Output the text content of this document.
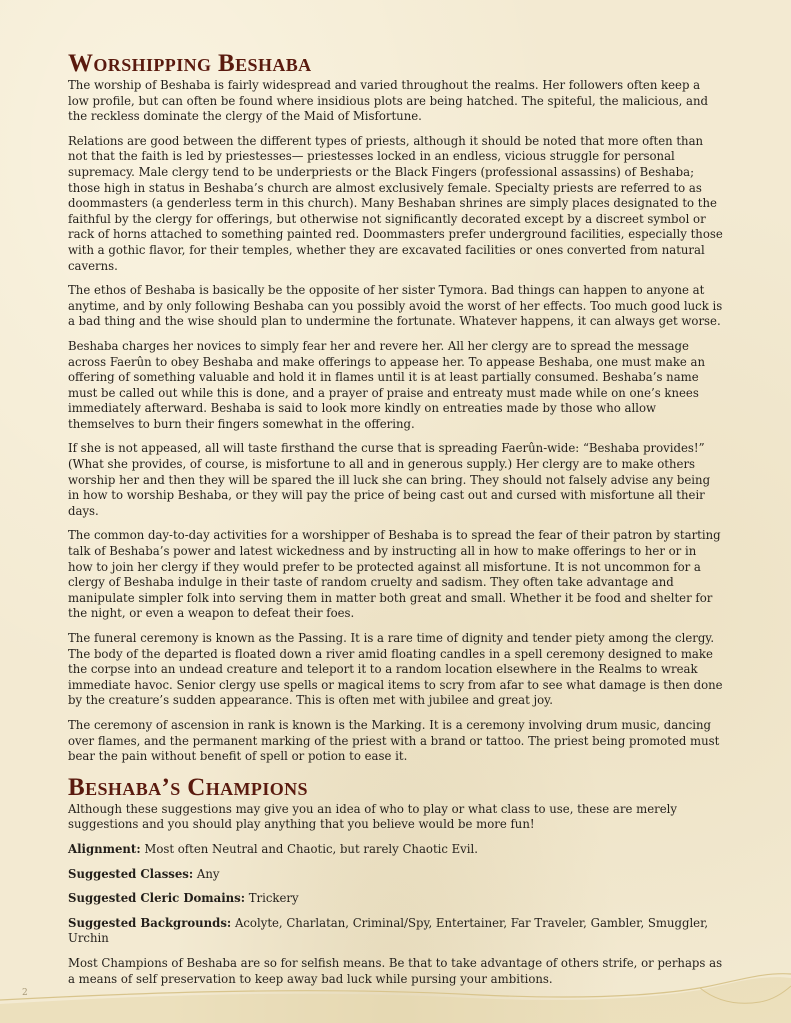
Worshipping Beshaba

The worship of Beshaba is fairly widespread and varied throughout the realms. Her followers often keep a low profile, but can often be found where insidious plots are being hatched. The spiteful, the malicious, and the reckless dominate the clergy of the Maid of Misfortune.

Relations are good between the different types of priests, although it should be noted that more often than not that the faith is led by priestesses— priestesses locked in an endless, vicious struggle for personal supremacy. Male clergy tend to be underpriests or the Black Fingers (professional assassins) of Beshaba; those high in status in Beshaba’s church are almost exclusively female. Specialty priests are referred to as doommasters (a genderless term in this church). Many Beshaban shrines are simply places designated to the faithful by the clergy for offerings, but otherwise not significantly decorated except by a discreet symbol or rack of horns attached to something painted red. Doommasters prefer underground facilities, especially those with a gothic flavor, for their temples, whether they are excavated facilities or ones converted from natural caverns.

The ethos of Beshaba is basically be the opposite of her sister Tymora. Bad things can happen to anyone at anytime, and by only following Beshaba can you possibly avoid the worst of her effects. Too much good luck is a bad thing and the wise should plan to undermine the fortunate. Whatever happens, it can always get worse.

Beshaba charges her novices to simply fear her and revere her. All her clergy are to spread the message across Faerûn to obey Beshaba and make offerings to appease her. To appease Beshaba, one must make an offering of something valuable and hold it in flames until it is at least partially consumed. Beshaba’s name must be called out while this is done, and a prayer of praise and entreaty must made while on one’s knees immediately afterward. Beshaba is said to look more kindly on entreaties made by those who allow themselves to burn their fingers somewhat in the offering.

If she is not appeased, all will taste firsthand the curse that is spreading Faerûn-wide: “Beshaba provides!” (What she provides, of course, is misfortune to all and in generous supply.) Her clergy are to make others worship her and then they will be spared the ill luck she can bring. They should not falsely advise any being in how to worship Beshaba, or they will pay the price of being cast out and cursed with misfortune all their days.

The common day-to-day activities for a worshipper of Beshaba is to spread the fear of their patron by starting talk of Beshaba’s power and latest wickedness and by instructing all in how to make offerings to her or in how to join her clergy if they would prefer to be protected against all misfortune. It is not uncommon for a clergy of Beshaba indulge in their taste of random cruelty and sadism. They often take advantage and manipulate simpler folk into serving them in matter both great and small. Whether it be food and shelter for the night, or even a weapon to defeat their foes.

The funeral ceremony is known as the Passing. It is a rare time of dignity and tender piety among the clergy. The body of the departed is floated down a river amid floating candles in a spell ceremony designed to make the corpse into an undead creature and teleport it to a random location elsewhere in the Realms to wreak immediate havoc. Senior clergy use spells or magical items to scry from afar to see what damage is then done by the creature’s sudden appearance. This is often met with jubilee and great joy.

The ceremony of ascension in rank is known is the Marking. It is a ceremony involving drum music, dancing over flames, and the permanent marking of the priest with a brand or tattoo. The priest being promoted must bear the pain without benefit of spell or potion to ease it.

Beshaba’s Champions

Although these suggestions may give you an idea of who to play or what class to use, these are merely suggestions and you should play anything that you believe would be more fun!

Alignment: Most often Neutral and Chaotic, but rarely Chaotic Evil.

Suggested Classes: Any

Suggested Cleric Domains: Trickery

Suggested Backgrounds: Acolyte, Charlatan, Criminal/Spy, Entertainer, Far Traveler, Gambler, Smuggler, Urchin

Most Champions of Beshaba are so for selfish means. Be that to take advantage of others strife, or perhaps as a means of self preservation to keep away bad luck while pursing your ambitions.

2
